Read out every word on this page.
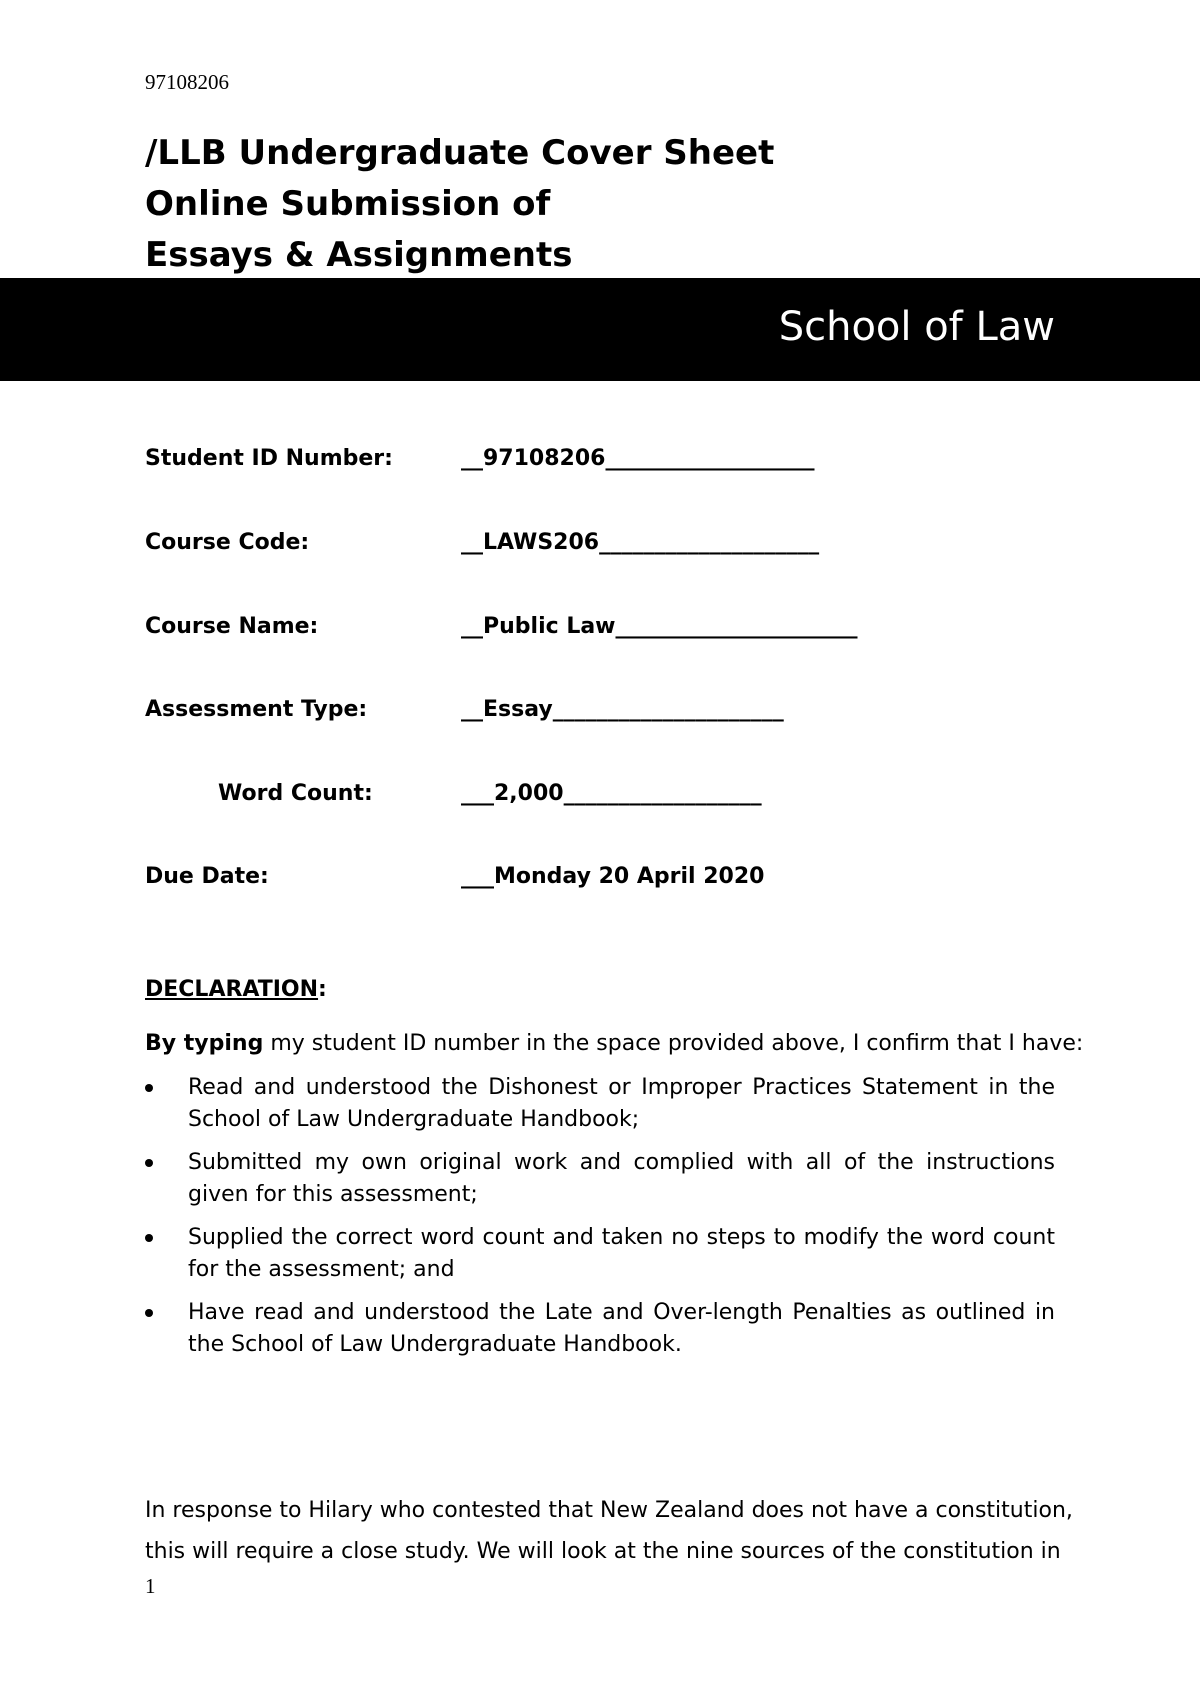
97108206
/LLB Undergraduate Cover Sheet
Online Submission of
Essays & Assignments
School of Law
Student ID Number:	__97108206___________________
Course Code:	__LAWS206____________________
Course Name:	__Public Law______________________
Assessment Type:	__Essay_____________________
Word Count:	___2,000__________________
Due Date:	___Monday 20 April 2020
DECLARATION:
By typing my student ID number in the space provided above, I confirm that I have:
Read and understood the Dishonest or Improper Practices Statement in the School of Law Undergraduate Handbook;
Submitted my own original work and complied with all of the instructions given for this assessment;
Supplied the correct word count and taken no steps to modify the word count for the assessment; and
Have read and understood the Late and Over-length Penalties as outlined in the School of Law Undergraduate Handbook.
In response to Hilary who contested that New Zealand does not have a constitution,
this will require a close study. We will look at the nine sources of the constitution in
1
